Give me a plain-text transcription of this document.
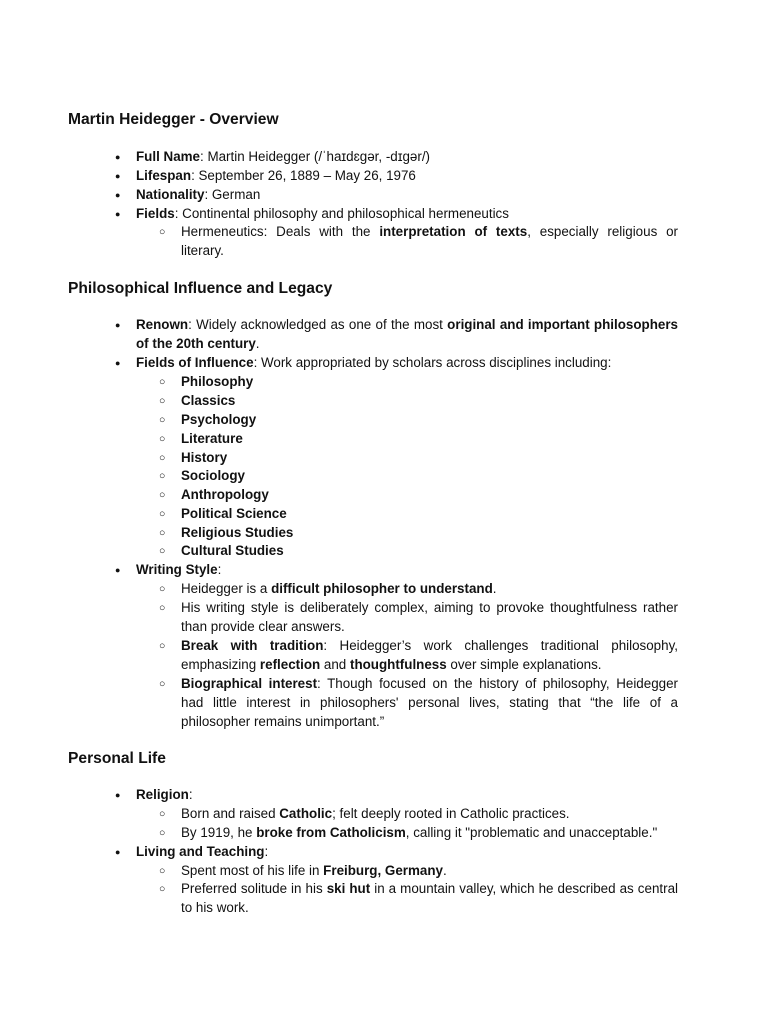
Martin Heidegger - Overview
● Full Name: Martin Heidegger (/ˈhaɪdɛɡər, -dɪɡər/)
● Lifespan: September 26, 1889 – May 26, 1976
● Nationality: German
● Fields: Continental philosophy and philosophical hermeneutics
○ Hermeneutics: Deals with the interpretation of texts, especially religious or literary.
Philosophical Influence and Legacy
● Renown: Widely acknowledged as one of the most original and important philosophers of the 20th century.
● Fields of Influence: Work appropriated by scholars across disciplines including:
○ Philosophy
○ Classics
○ Psychology
○ Literature
○ History
○ Sociology
○ Anthropology
○ Political Science
○ Religious Studies
○ Cultural Studies
● Writing Style:
○ Heidegger is a difficult philosopher to understand.
○ His writing style is deliberately complex, aiming to provoke thoughtfulness rather than provide clear answers.
○ Break with tradition: Heidegger’s work challenges traditional philosophy, emphasizing reflection and thoughtfulness over simple explanations.
○ Biographical interest: Though focused on the history of philosophy, Heidegger had little interest in philosophers' personal lives, stating that “the life of a philosopher remains unimportant.”
Personal Life
● Religion:
○ Born and raised Catholic; felt deeply rooted in Catholic practices.
○ By 1919, he broke from Catholicism, calling it "problematic and unacceptable."
● Living and Teaching:
○ Spent most of his life in Freiburg, Germany.
○ Preferred solitude in his ski hut in a mountain valley, which he described as central to his work.
